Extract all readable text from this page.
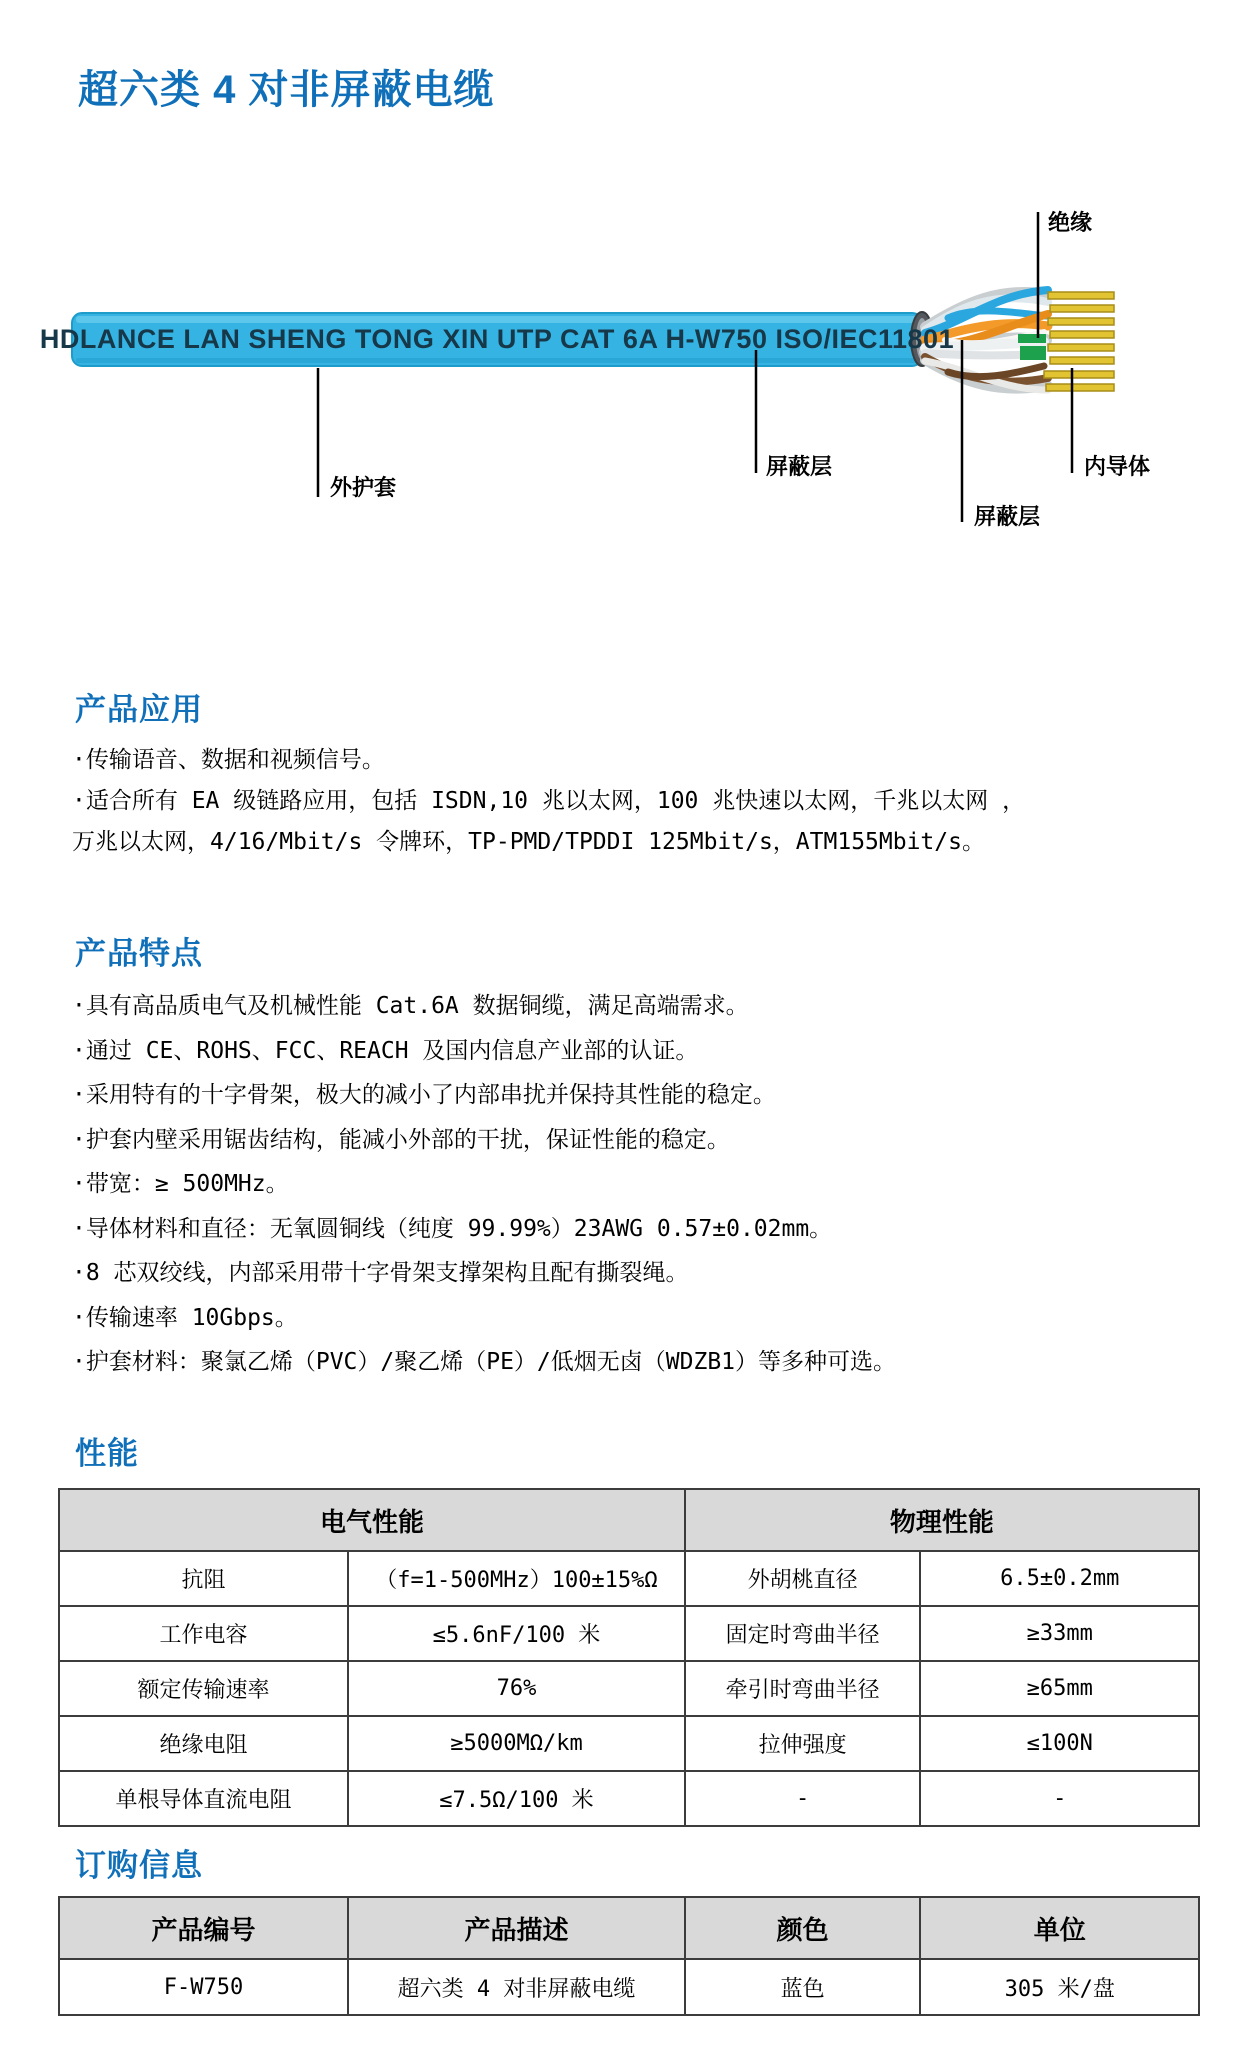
超六类 4 对非屏蔽电缆
HDLANCE LAN SHENG TONG XIN UTP CAT 6A H-W750 ISO/IEC11801
绝缘
外护套
屏蔽层
屏蔽层
内导体
产品应用
·传输语音、数据和视频信号。
·适合所有 EA 级链路应用，包括 ISDN,10 兆以太网，100 兆快速以太网，千兆以太网 ，
万兆以太网，4/16/Mbit/s 令牌环，TP-PMD/TPDDI 125Mbit/s，ATM155Mbit/s。
产品特点
·具有高品质电气及机械性能 Cat.6A 数据铜缆，满足高端需求。
·通过 CE、ROHS、FCC、REACH 及国内信息产业部的认证。
·采用特有的十字骨架，极大的减小了内部串扰并保持其性能的稳定。
·护套内壁采用锯齿结构，能减小外部的干扰，保证性能的稳定。
·带宽：≥ 500MHz。
·导体材料和直径：无氧圆铜线（纯度 99.99%）23AWG 0.57±0.02mm。
·8 芯双绞线，内部采用带十字骨架支撑架构且配有撕裂绳。
·传输速率 10Gbps。
·护套材料：聚氯乙烯（PVC）/聚乙烯（PE）/低烟无卤（WDZB1）等多种可选。
性能
电气性能	物理性能
抗阻	（f=1-500MHz）100±15%Ω	外胡桃直径	6.5±0.2mm
工作电容	≤5.6nF/100 米	固定时弯曲半径	≥33mm
额定传输速率	76%	牵引时弯曲半径	≥65mm
绝缘电阻	≥5000MΩ/km	拉伸强度	≤100N
单根导体直流电阻	≤7.5Ω/100 米	-	-
订购信息
产品编号	产品描述	颜色	单位
F-W750	超六类 4 对非屏蔽电缆	蓝色	305 米/盘
